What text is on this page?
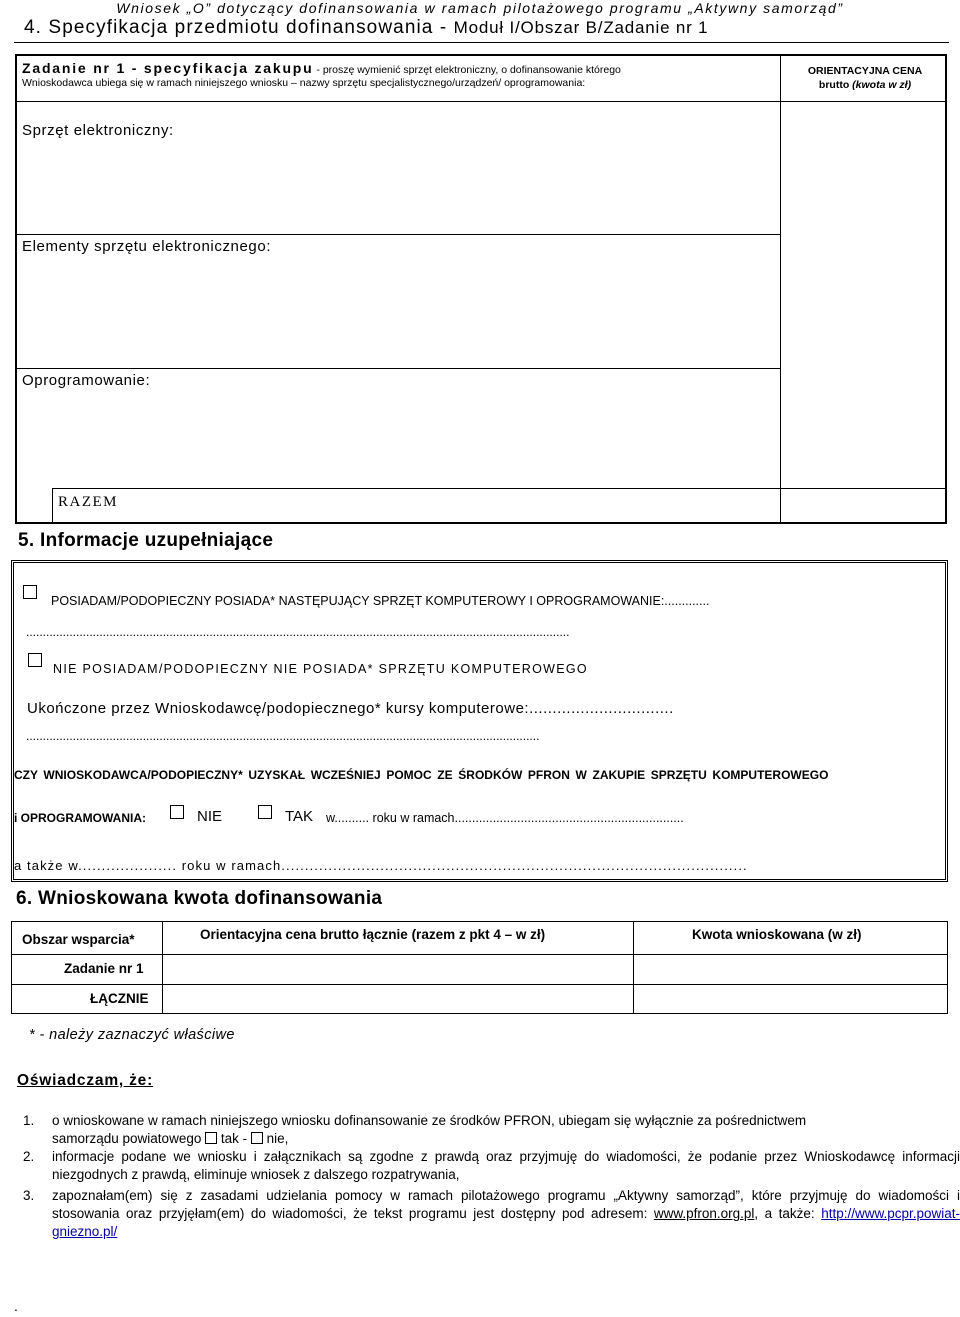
Wniosek „O” dotyczący dofinansowania w ramach pilotażowego programu „Aktywny samorząd”
4. Specyfikacja przedmiotu dofinansowania - Moduł I/Obszar B/Zadanie nr 1
Zadanie nr 1 - specyfikacja zakupu - proszę wymienić sprzęt elektroniczny, o dofinansowanie którego
Wnioskodawca ubiega się w ramach niniejszego wniosku – nazwy sprzętu specjalistycznego/urządzeń/ oprogramowania:
ORIENTACYJNA CENA
brutto (kwota w zł)
Sprzęt elektroniczny:
Elementy sprzętu elektronicznego:
Oprogramowanie:
RAZEM
5. Informacje uzupełniające
POSIADAM/PODOPIECZNY POSIADA* NASTĘPUJĄCY SPRZĘT KOMPUTEROWY I OPROGRAMOWANIE:.............
...................................................................................................................................................................
NIE POSIADAM/PODOPIECZNY NIE POSIADA* SPRZĘTU KOMPUTEROWEGO
Ukończone przez Wnioskodawcę/podopiecznego* kursy komputerowe:...............................
..........................................................................................................................................................
CZY WNIOSKODAWCA/PODOPIECZNY* UZYSKAŁ WCZEŚNIEJ POMOC ZE ŚRODKÓW PFRON W ZAKUPIE SPRZĘTU KOMPUTEROWEGO
i OPROGRAMOWANIA:	NIE	TAK w.......... roku w ramach..................................................................
a także w..................... roku w ramach...................................................................................................
6. Wnioskowana kwota dofinansowania
Obszar wsparcia*	Orientacyjna cena brutto łącznie (razem z pkt 4 – w zł)	Kwota wnioskowana (w zł)
Zadanie nr 1
ŁĄCZNIE
* - należy zaznaczyć właściwe
Oświadczam, że:
1. o wnioskowane w ramach niniejszego wniosku dofinansowanie ze środków PFRON, ubiegam się wyłącznie za pośrednictwem
samorządu powiatowego  tak -  nie,
2. informacje podane we wniosku i załącznikach są zgodne z prawdą oraz przyjmuję do wiadomości, że podanie przez Wnioskodawcę informacji niezgodnych z prawdą, eliminuje wniosek z dalszego rozpatrywania,
3. zapoznałam(em) się z zasadami udzielania pomocy w ramach pilotażowego programu „Aktywny samorząd”, które przyjmuję do wiadomości i stosowania oraz przyjęłam(em) do wiadomości, że tekst programu jest dostępny pod adresem: www.pfron.org.pl, a także: http://www.pcpr.powiat-gniezno.pl/
.
